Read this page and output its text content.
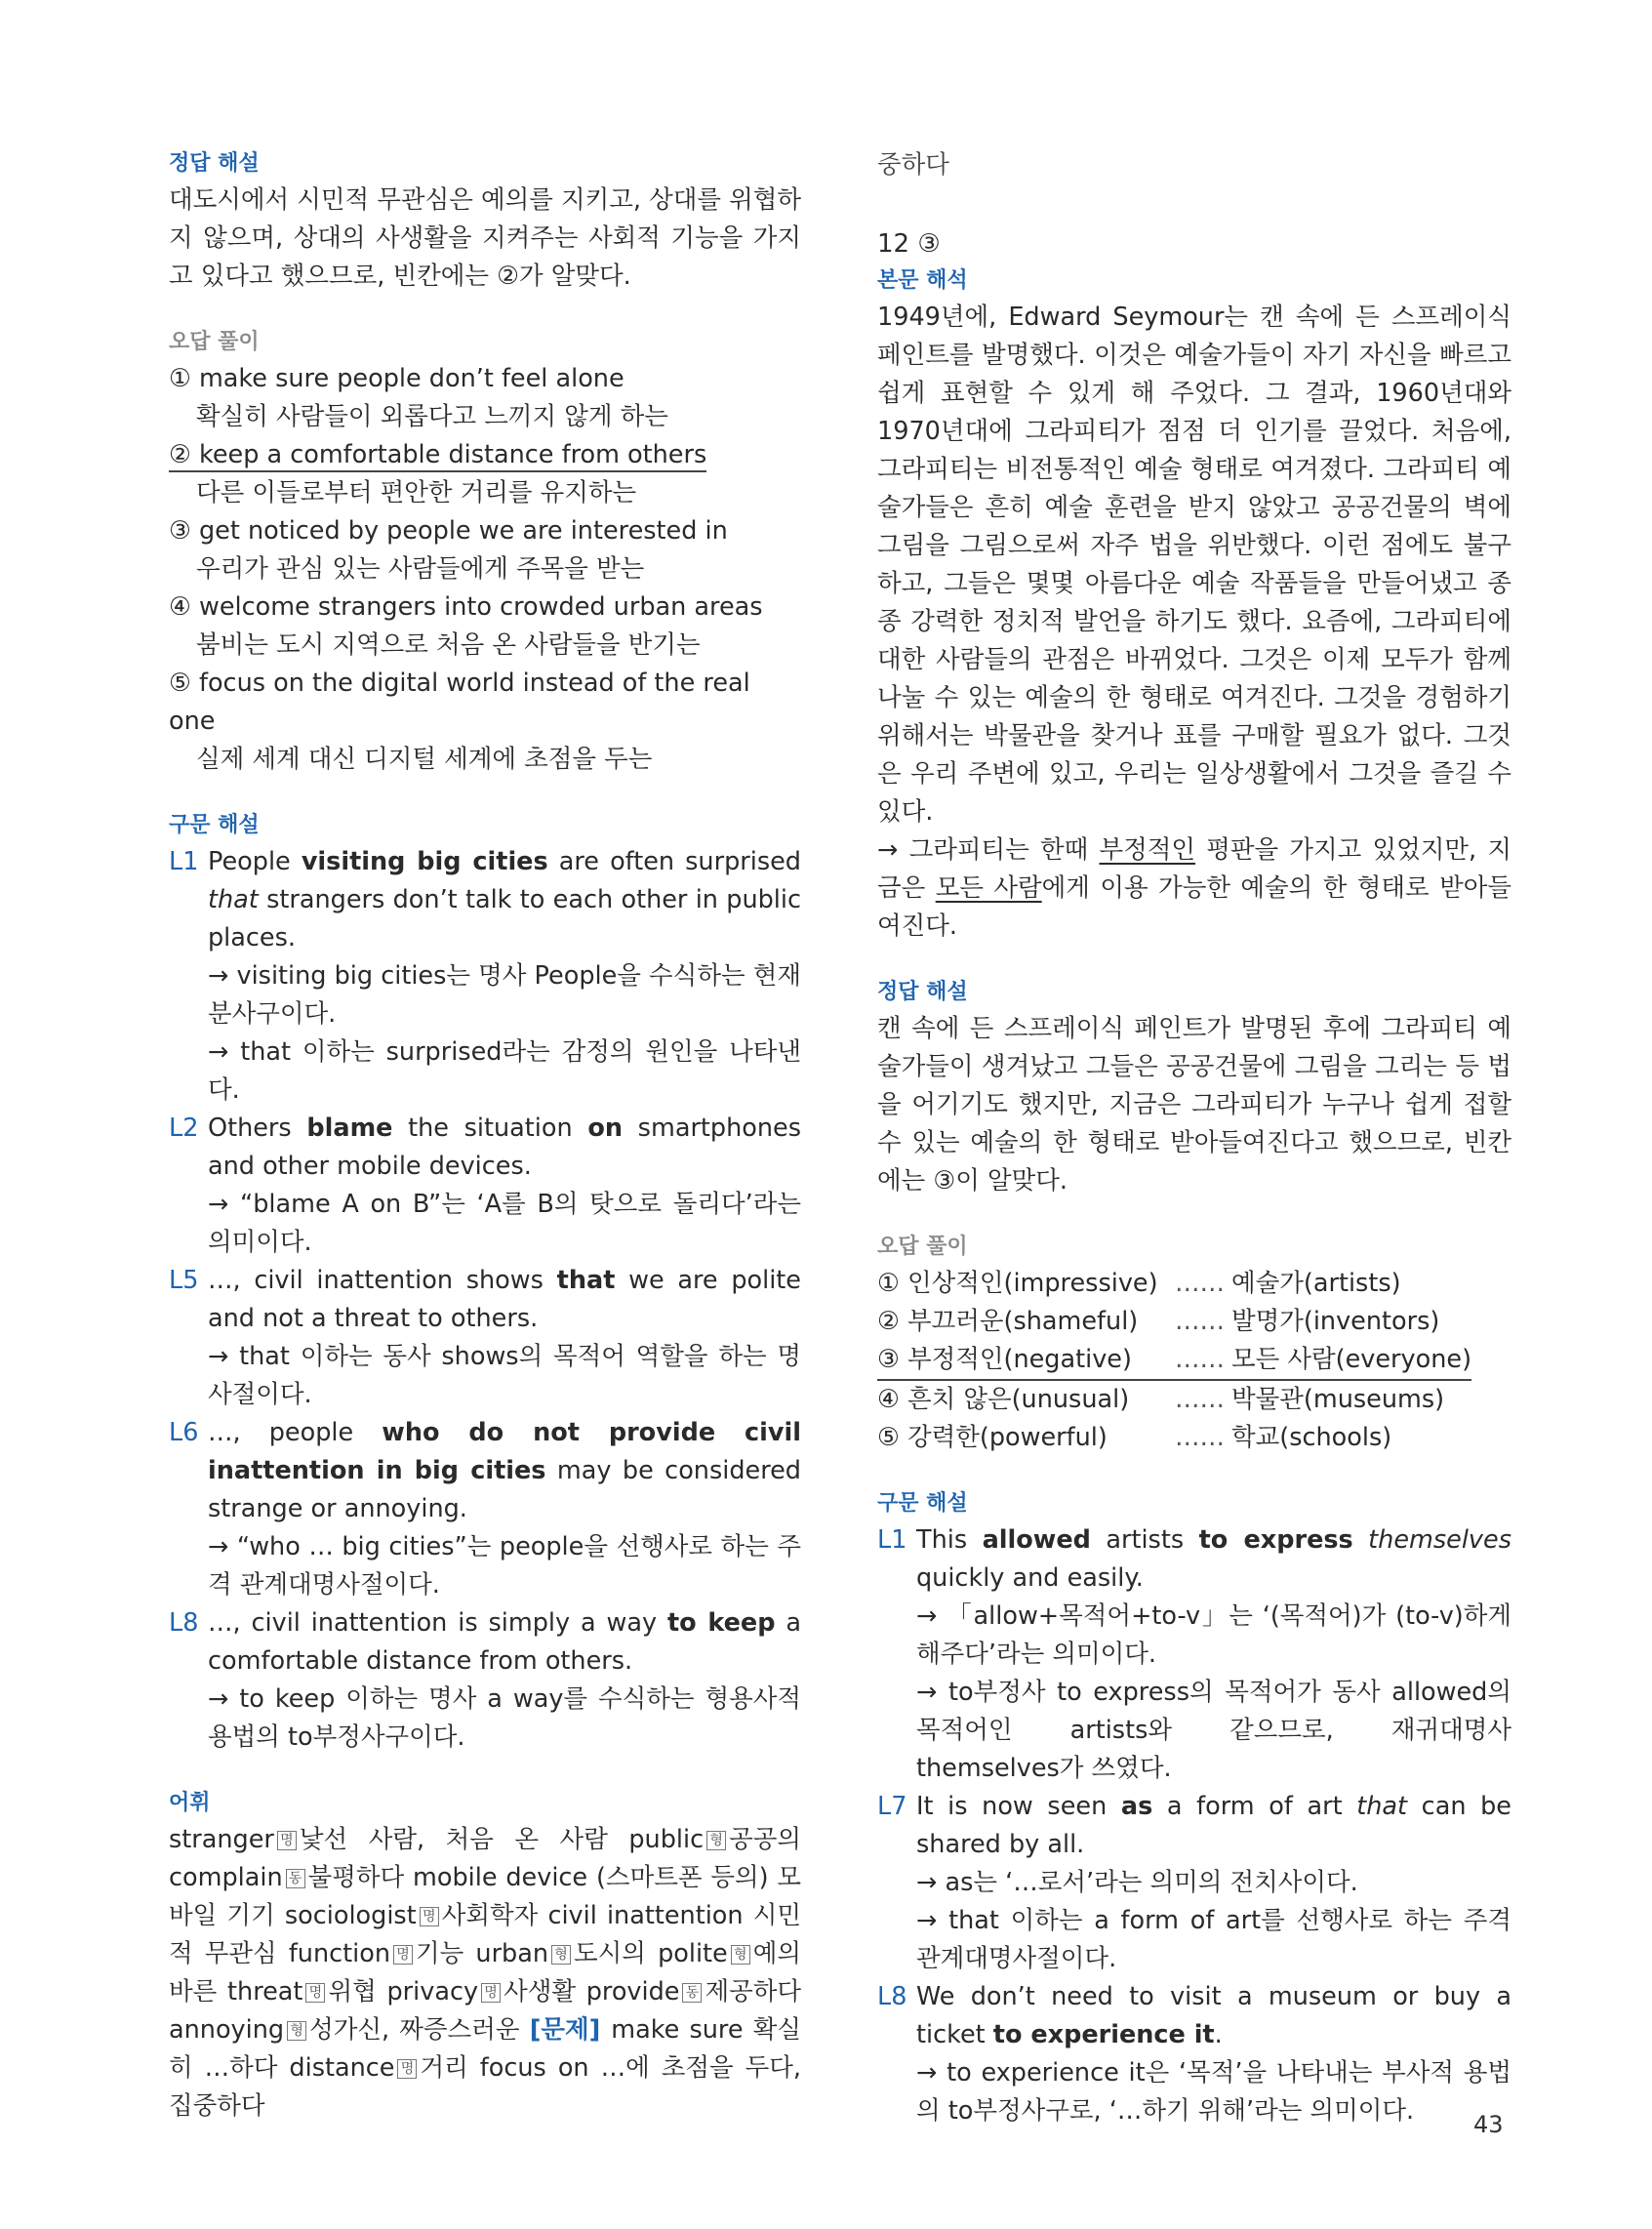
정답 해설

대도시에서 시민적 무관심은 예의를 지키고, 상대를 위협하지 않으며, 상대의 사생활을 지켜주는 사회적 기능을 가지고 있다고 했으므로, 빈칸에는 ②가 알맞다.

오답 풀이

① make sure people don’t feel alone

확실히 사람들이 외롭다고 느끼지 않게 하는

② keep a comfortable distance from others

다른 이들로부터 편안한 거리를 유지하는

③ get noticed by people we are interested in

우리가 관심 있는 사람들에게 주목을 받는

④ welcome strangers into crowded urban areas

붐비는 도시 지역으로 처음 온 사람들을 반기는

⑤ focus on the digital world instead of the real one

실제 세계 대신 디지털 세계에 초점을 두는

구문 해설

L1 People visiting big cities are often surprised that strangers don’t talk to each other in public places.

→ visiting big cities는 명사 People을 수식하는 현재분사구이다.

→ that 이하는 surprised라는 감정의 원인을 나타낸다.

L2 Others blame the situation on smartphones and other mobile devices.

→ “blame A on B”는 ‘A를 B의 탓으로 돌리다’라는 의미이다.

L5 …, civil inattention shows that we are polite and not a threat to others.

→ that 이하는 동사 shows의 목적어 역할을 하는 명사절이다.

L6 …, people who do not provide civil inattention in big cities may be considered strange or annoying.

→ “who … big cities”는 people을 선행사로 하는 주격 관계대명사절이다.

L8 …, civil inattention is simply a way to keep a comfortable distance from others.

→ to keep 이하는 명사 a way를 수식하는 형용사적 용법의 to부정사구이다.

어휘

stranger 명 낯선 사람, 처음 온 사람 public 형 공공의 complain 동 불평하다 mobile device (스마트폰 등의) 모바일 기기 sociologist 명 사회학자 civil inattention 시민적 무관심 function 명 기능 urban 형 도시의 polite 형 예의 바른 threat 명 위협 privacy 명 사생활 provide 동 제공하다 annoying 형 성가신, 짜증스러운 [문제] make sure 확실히 …하다 distance 명 거리 focus on …에 초점을 두다, 집중하다

중하다

12 ③

본문 해석

1949년에, Edward Seymour는 캔 속에 든 스프레이식 페인트를 발명했다. 이것은 예술가들이 자기 자신을 빠르고 쉽게 표현할 수 있게 해 주었다. 그 결과, 1960년대와 1970년대에 그라피티가 점점 더 인기를 끌었다. 처음에, 그라피티는 비전통적인 예술 형태로 여겨졌다. 그라피티 예술가들은 흔히 예술 훈련을 받지 않았고 공공건물의 벽에 그림을 그림으로써 자주 법을 위반했다. 이런 점에도 불구하고, 그들은 몇몇 아름다운 예술 작품들을 만들어냈고 종종 강력한 정치적 발언을 하기도 했다. 요즘에, 그라피티에 대한 사람들의 관점은 바뀌었다. 그것은 이제 모두가 함께 나눌 수 있는 예술의 한 형태로 여겨진다. 그것을 경험하기 위해서는 박물관을 찾거나 표를 구매할 필요가 없다. 그것은 우리 주변에 있고, 우리는 일상생활에서 그것을 즐길 수 있다.

→ 그라피티는 한때 부정적인 평판을 가지고 있었지만, 지금은 모든 사람에게 이용 가능한 예술의 한 형태로 받아들여진다.

정답 해설

캔 속에 든 스프레이식 페인트가 발명된 후에 그라피티 예술가들이 생겨났고 그들은 공공건물에 그림을 그리는 등 법을 어기기도 했지만, 지금은 그라피티가 누구나 쉽게 접할 수 있는 예술의 한 형태로 받아들여진다고 했으므로, 빈칸에는 ③이 알맞다.

오답 풀이

① 인상적인(impressive)	……	예술가(artists)
② 부끄러운(shameful)	……	발명가(inventors)
③ 부정적인(negative)	……	모든 사람(everyone)
④ 흔치 않은(unusual)	……	박물관(museums)
⑤ 강력한(powerful)	……	학교(schools)

구문 해설

L1 This allowed artists to express themselves quickly and easily.

→ 「allow+목적어+to-v」는 ‘(목적어)가 (to-v)하게 해주다’라는 의미이다.

→ to부정사 to express의 목적어가 동사 allowed의 목적어인 artists와 같으므로, 재귀대명사 themselves가 쓰였다.

L7 It is now seen as a form of art that can be shared by all.

→ as는 ‘…로서’라는 의미의 전치사이다.

→ that 이하는 a form of art를 선행사로 하는 주격 관계대명사절이다.

L8 We don’t need to visit a museum or buy a ticket to experience it.

→ to experience it은 ‘목적’을 나타내는 부사적 용법의 to부정사구로, ‘…하기 위해’라는 의미이다.	43
